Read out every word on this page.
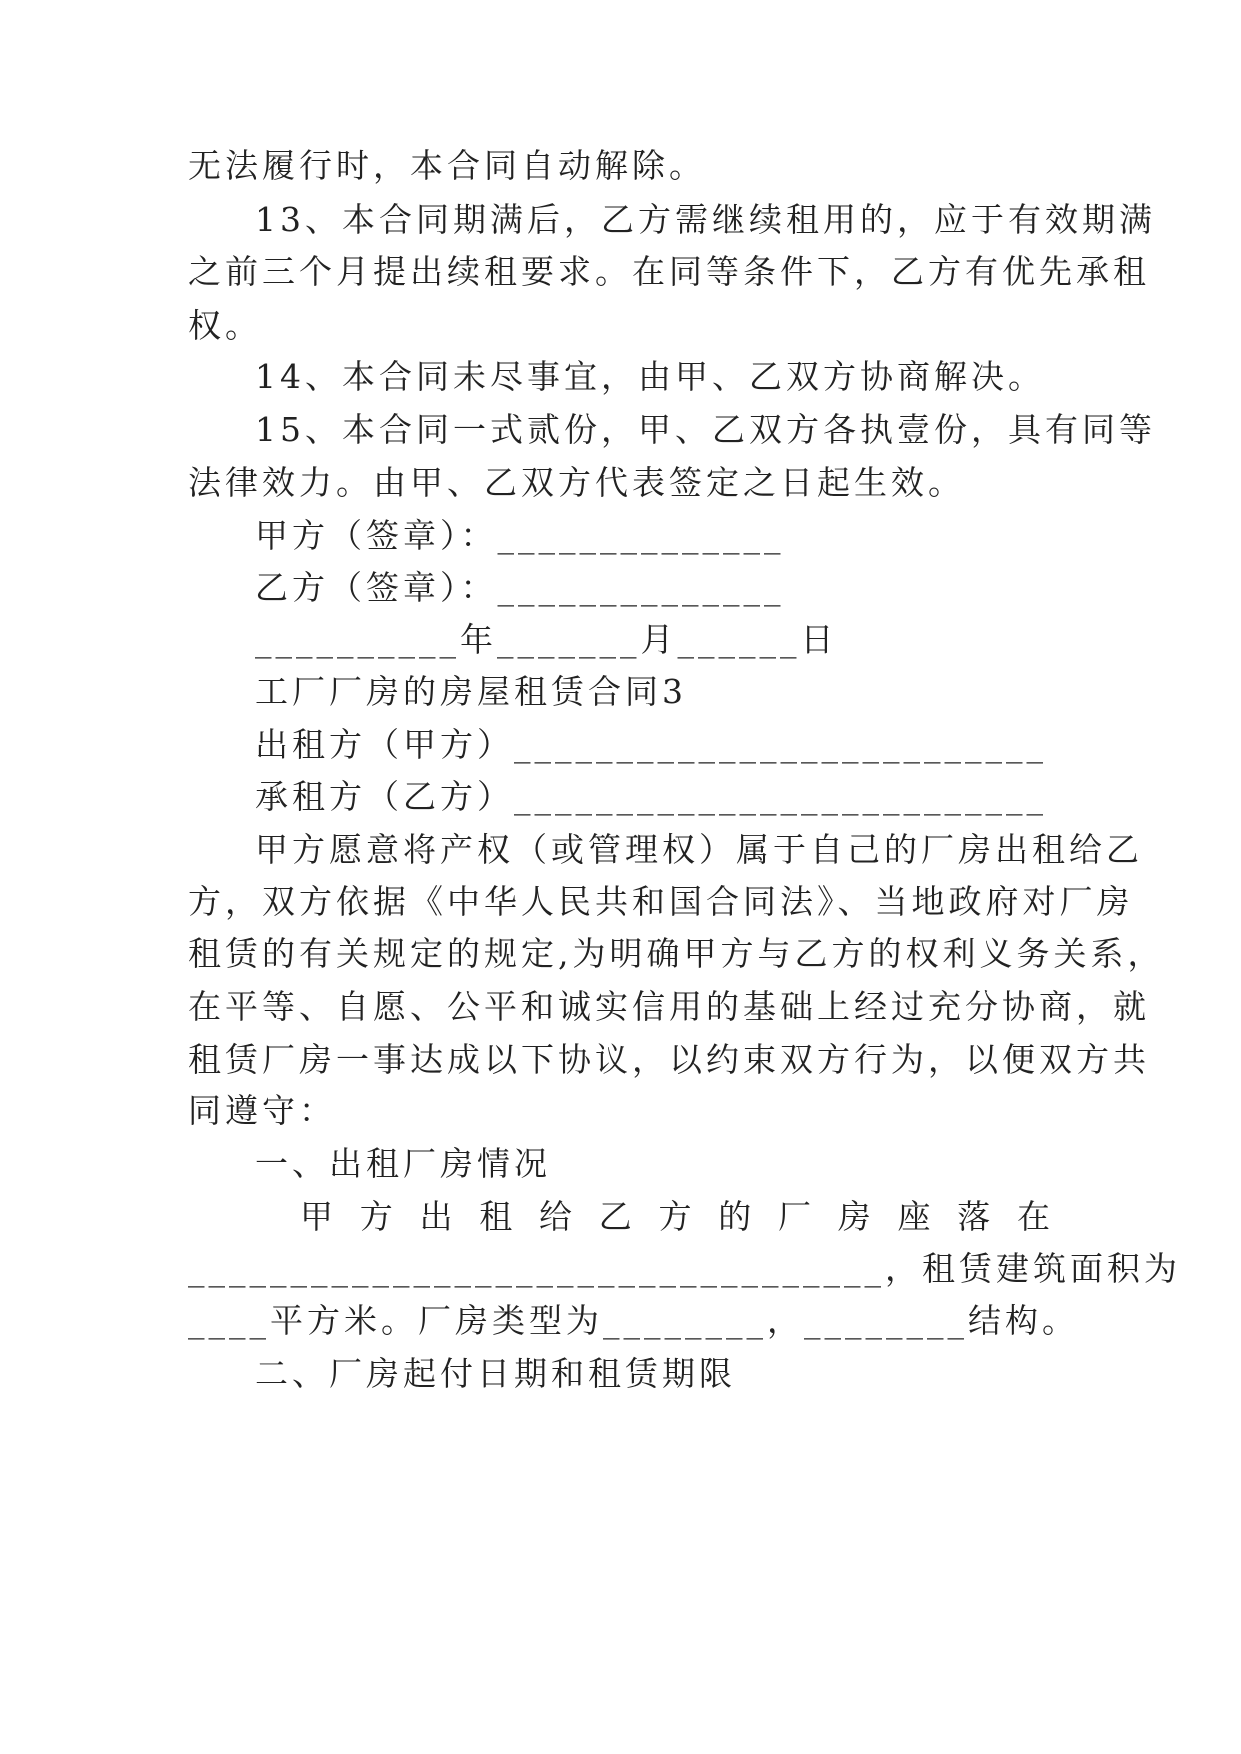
无法履行时，本合同自动解除。
13、本合同期满后，乙方需继续租用的，应于有效期满
之前三个月提出续租要求。在同等条件下，乙方有优先承租
权。
14、本合同未尽事宜，由甲、乙双方协商解决。
15、本合同一式贰份，甲、乙双方各执壹份，具有同等
法律效力。由甲、乙双方代表签定之日起生效。
甲方（签章）：______________
乙方（签章）：______________
__________年_______月______日
工厂厂房的房屋租赁合同3
出租方（甲方）__________________________
承租方（乙方）__________________________
甲方愿意将产权（或管理权）属于自己的厂房出租给乙
方，双方依据《中华人民共和国合同法》、当地政府对厂房
租赁的有关规定的规定,为明确甲方与乙方的权利义务关系，
在平等、自愿、公平和诚实信用的基础上经过充分协商，就
租赁厂房一事达成以下协议，以约束双方行为，以便双方共
同遵守：
一、出租厂房情况
甲 方 出 租 给 乙 方 的 厂 房 座 落 在
__________________________________，租赁建筑面积为
____平方米。厂房类型为________，________结构。
二、厂房起付日期和租赁期限
